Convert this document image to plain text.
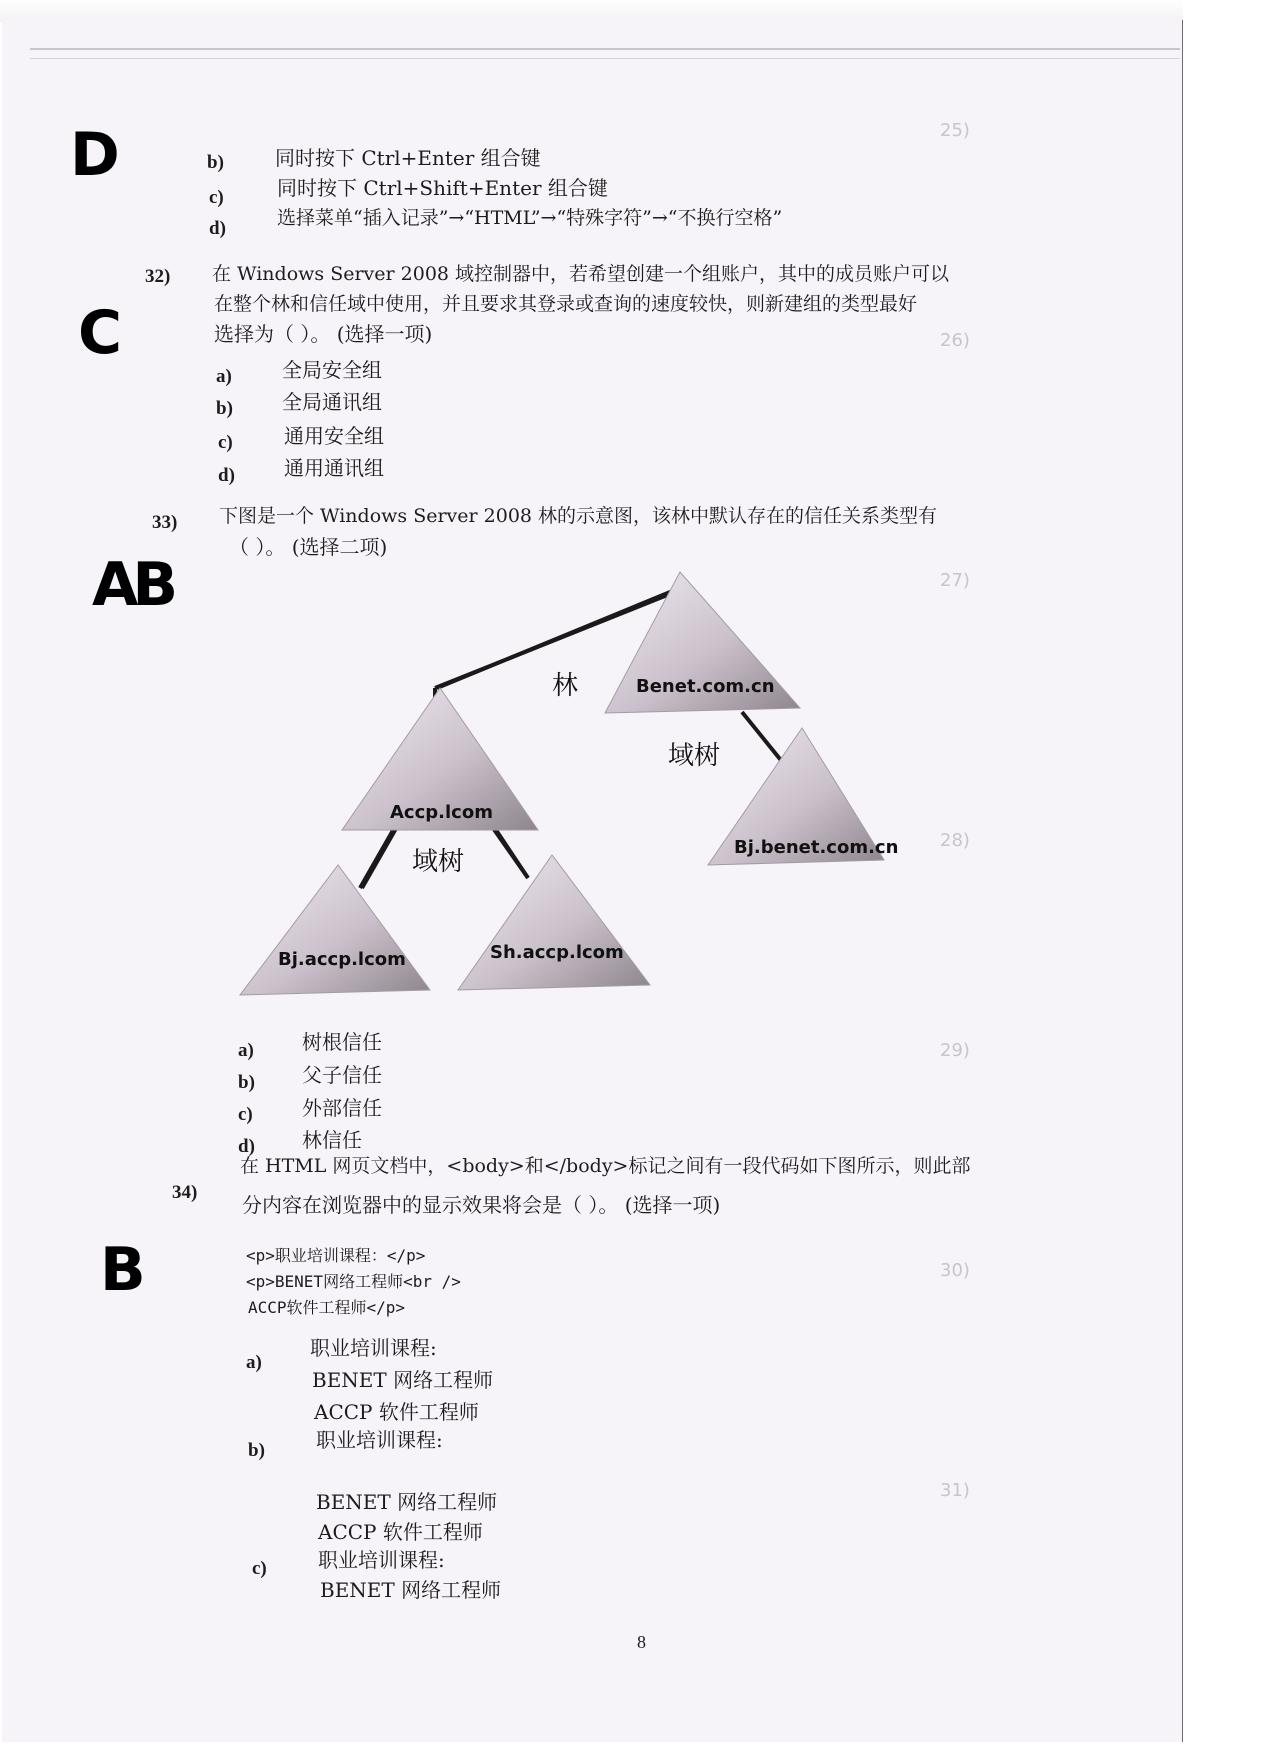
25)
26)
27)
28)
29)
30)
31)
D
C
AB
B
b)	同时按下 Ctrl+Enter 组合键
c)	同时按下 Ctrl+Shift+Enter 组合键
d)	选择菜单“插入记录”→“HTML”→“特殊字符”→“不换行空格”
32) 在 Windows Server 2008 域控制器中，若希望创建一个组账户，其中的成员账户可以
在整个林和信任域中使用，并且要求其登录或查询的速度较快，则新建组的类型最好
选择为（ ）。 (选择一项)
a)	全局安全组
b) 全局通讯组
c)	通用安全组
d) 通用通讯组
33) 下图是一个 Windows Server 2008 林的示意图，该林中默认存在的信任关系类型有
（ ）。 (选择二项)
林
域树
域树
Benet.com.cn
Accp.lcom
Bj.benet.com.cn
Bj.accp.lcom	Sh.accp.lcom
a) 树根信任
b) 父子信任
c) 外部信任
d) 林信任
34)
在 HTML 网页文档中，<body>和</body>标记之间有一段代码如下图所示，则此部
分内容在浏览器中的显示效果将会是（ ）。 (选择一项)
<p>职业培训课程：</p>
<p>BENET网络工程师<br />
ACCP软件工程师</p>
a)
职业培训课程:
BENET 网络工程师
ACCP 软件工程师
b)	职业培训课程:
BENET 网络工程师
ACCP 软件工程师
c)	职业培训课程:
BENET 网络工程师
8
